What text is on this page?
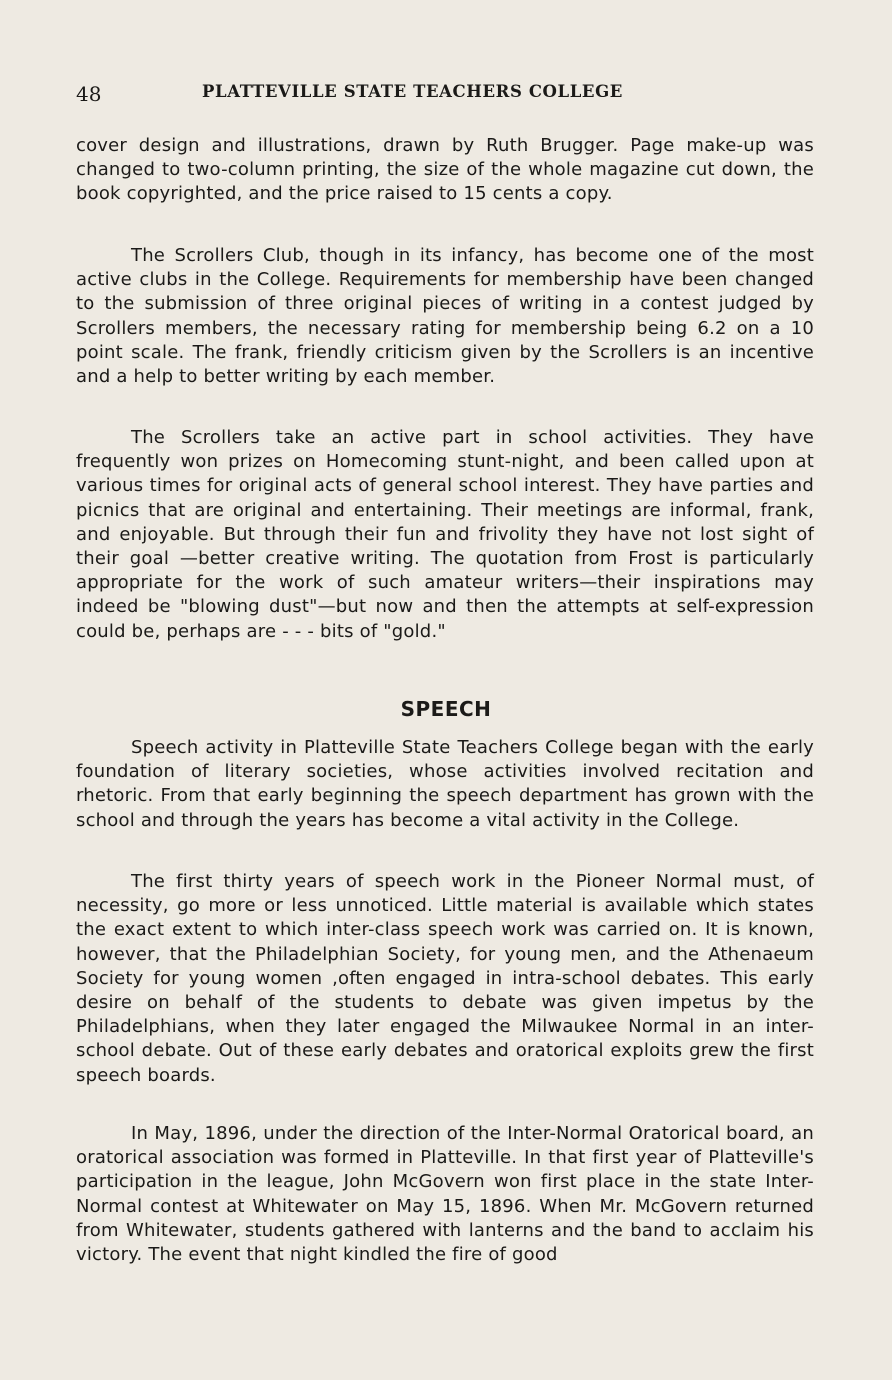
48	PLATTEVILLE STATE TEACHERS COLLEGE

cover design and illustrations, drawn by Ruth Brugger. Page make-up was changed to two-column printing, the size of the whole magazine cut down, the book copyrighted, and the price raised to 15 cents a copy.

The Scrollers Club, though in its infancy, has become one of the most active clubs in the College. Requirements for membership have been changed to the submission of three original pieces of writing in a contest judged by Scrollers members, the necessary rating for membership being 6.2 on a 10 point scale. The frank, friendly criticism given by the Scrollers is an incentive and a help to better writing by each member.

The Scrollers take an active part in school activities. They have frequently won prizes on Homecoming stunt-night, and been called upon at various times for original acts of general school interest. They have parties and picnics that are original and entertaining. Their meetings are informal, frank, and enjoyable. But through their fun and frivolity they have not lost sight of their goal —better creative writing. The quotation from Frost is particularly appropriate for the work of such amateur writers—their inspirations may indeed be "blowing dust"—but now and then the attempts at self-expression could be, perhaps are - - - bits of "gold."

SPEECH

Speech activity in Platteville State Teachers College began with the early foundation of literary societies, whose activities involved recitation and rhetoric. From that early beginning the speech department has grown with the school and through the years has become a vital activity in the College.

The first thirty years of speech work in the Pioneer Normal must, of necessity, go more or less unnoticed. Little material is available which states the exact extent to which inter-class speech work was carried on. It is known, however, that the Philadelphian Society, for young men, and the Athenaeum Society for young women ,often engaged in intra-school debates. This early desire on behalf of the students to debate was given impetus by the Philadelphians, when they later engaged the Milwaukee Normal in an inter-school debate. Out of these early debates and oratorical exploits grew the first speech boards.

In May, 1896, under the direction of the Inter-Normal Oratorical board, an oratorical association was formed in Platteville. In that first year of Platteville's participation in the league, John McGovern won first place in the state Inter-Normal contest at Whitewater on May 15, 1896. When Mr. McGovern returned from Whitewater, students gathered with lanterns and the band to acclaim his victory. The event that night kindled the fire of good
